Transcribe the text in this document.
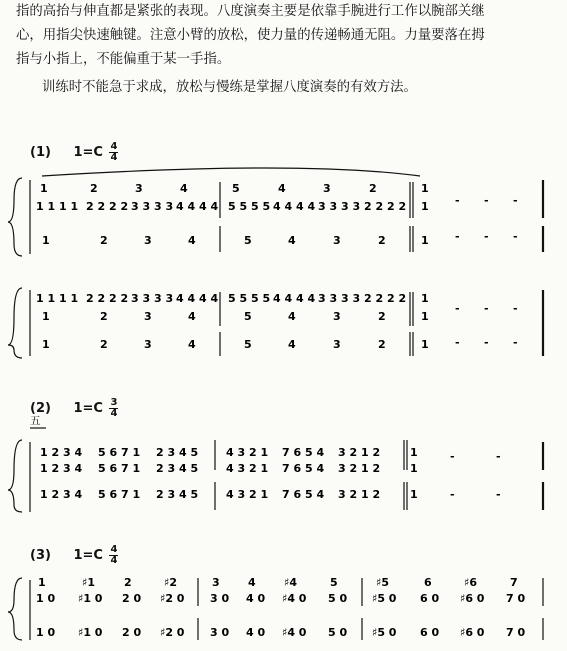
指的高抬与伸直都是紧张的表现。八度演奏主要是依靠手腕进行工作以腕部关继
心，用指尖快速触键。注意小臂的放松，使力量的传递畅通无阻。力量要落在拇
指与小指上，不能偏重于某一手指。
训练时不能急于求成，放松与慢练是掌握八度演奏的有效方法。
(1) $1=C \frac{4}{4}$
(2) $1=C \frac{3}{4}$
(3) $1=C \frac{4}{4}$
1	2	3	4	5	4	3	2	1
1 1 1 1 2 2 2 2 3 3 3 3 4 4 4 4 5 5 5 5 4 4 4 4 3 3 3 3 2 2 2 2 1 - - -
1	2	3	4	5	4	3	2	1 - - -
1 1 1 1 2 2 2 2 3 3 3 3 4 4 4 4 5 5 5 5 4 4 4 4 3 3 3 3 2 2 2 2 1
1	2	3	4	5	4	3	2	1
- - -
1	2	3	4	5	4	3	2	1 - - -
五
1 2 3 4 5 6 7 1 2 3 4 5	4 3 2 1 7 6 5 4 3 2 1 2	1
1 2 3 4 5 6 7 1 2 3 4 5	4 3 2 1 7 6 5 4 3 2 1 2	1
-	-
1 2 3 4 5 6 7 1 2 3 4 5	4 3 2 1 7 6 5 4 3 2 1 2	1	-	-
1	♯1	2	♯2	3	4	♯4	5	♯5	6	♯6	7
1 0 ♯1 0 2 0 ♯2 0 3 0 4 0 ♯4 0 5 0 ♯5 0 6 0 ♯6 0 7 0
1 0 ♯1 0 2 0 ♯2 0 3 0 4 0 ♯4 0 5 0 ♯5 0 6 0 ♯6 0 7 0
